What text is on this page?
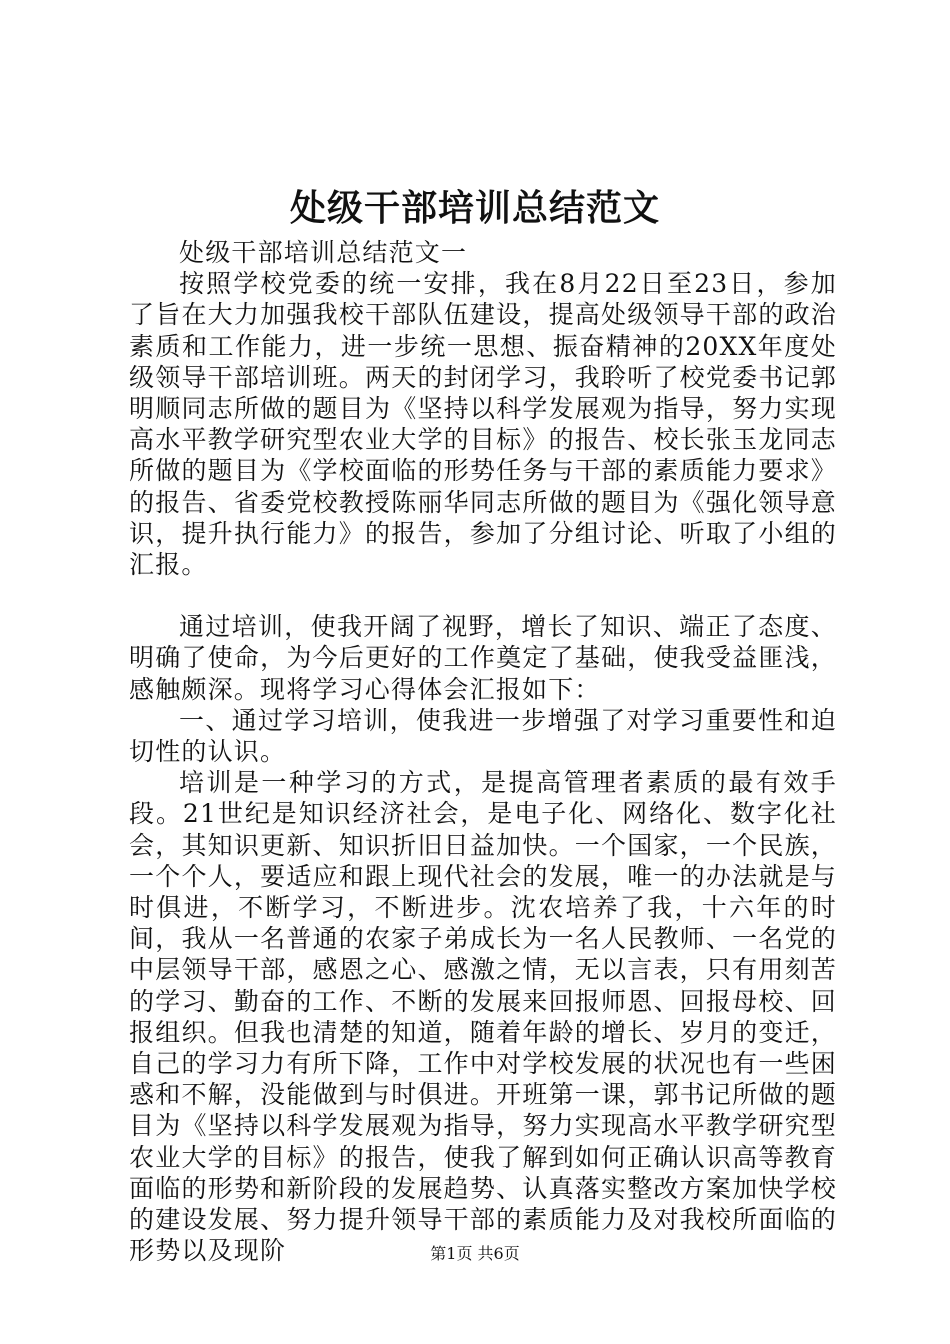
处级干部培训总结范文

处级干部培训总结范文一

按照学校党委的统一安排，我在8月22日至23日，参加了旨在大力加强我校干部队伍建设，提高处级领导干部的政治素质和工作能力，进一步统一思想、振奋精神的20XX年度处级领导干部培训班。两天的封闭学习，我聆听了校党委书记郭明顺同志所做的题目为《坚持以科学发展观为指导，努力实现高水平教学研究型农业大学的目标》的报告、校长张玉龙同志所做的题目为《学校面临的形势任务与干部的素质能力要求》的报告、省委党校教授陈丽华同志所做的题目为《强化领导意识，提升执行能力》的报告，参加了分组讨论、听取了小组的汇报。

通过培训，使我开阔了视野，增长了知识、端正了态度、明确了使命，为今后更好的工作奠定了基础，使我受益匪浅，感触颇深。现将学习心得体会汇报如下：

一、通过学习培训，使我进一步增强了对学习重要性和迫切性的认识。

培训是一种学习的方式，是提高管理者素质的最有效手段。21世纪是知识经济社会，是电子化、网络化、数字化社会，其知识更新、知识折旧日益加快。一个国家，一个民族，一个个人，要适应和跟上现代社会的发展，唯一的办法就是与时俱进，不断学习，不断进步。沈农培养了我，十六年的时间，我从一名普通的农家子弟成长为一名人民教师、一名党的中层领导干部，感恩之心、感激之情，无以言表，只有用刻苦的学习、勤奋的工作、不断的发展来回报师恩、回报母校、回报组织。但我也清楚的知道，随着年龄的增长、岁月的变迁，自己的学习力有所下降，工作中对学校发展的状况也有一些困惑和不解，没能做到与时俱进。开班第一课，郭书记所做的题目为《坚持以科学发展观为指导，努力实现高水平教学研究型农业大学的目标》的报告，使我了解到如何正确认识高等教育面临的形势和新阶段的发展趋势、认真落实整改方案加快学校的建设发展、努力提升领导干部的素质能力及对我校所面临的形势以及现阶	第1页 共6页
